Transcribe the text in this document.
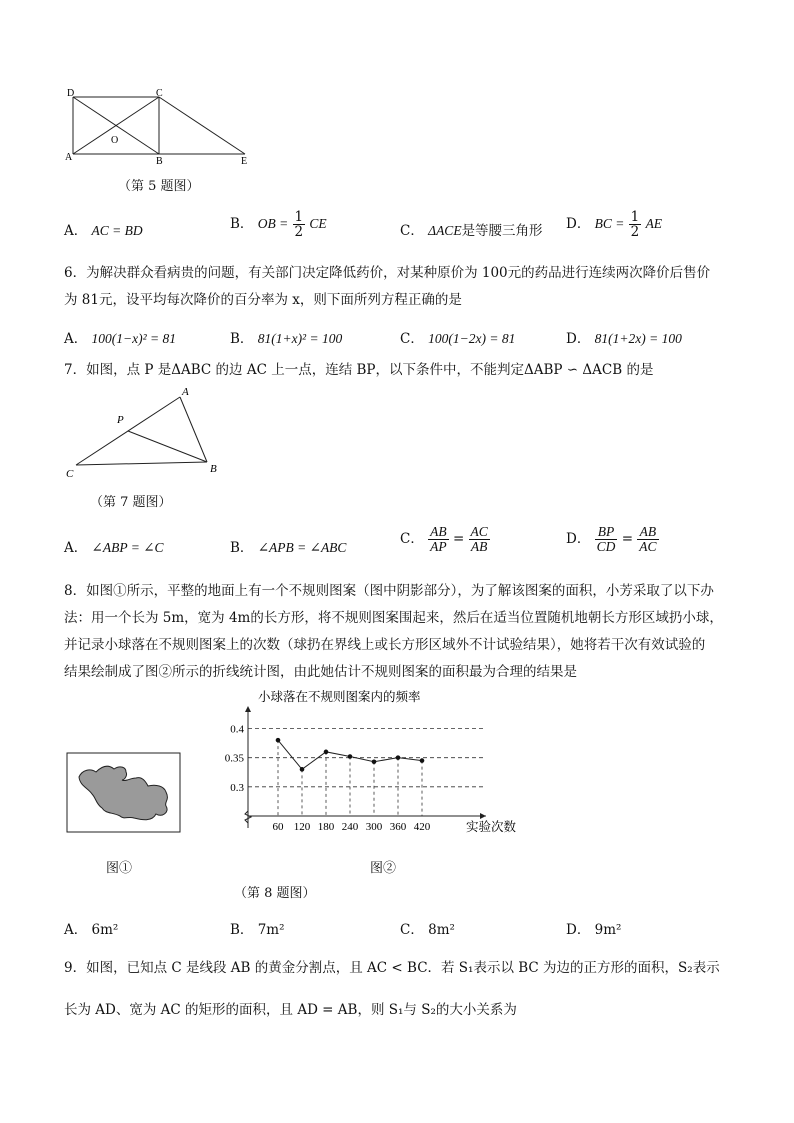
D	C
O
A	B	E
（第 5 题图）
A． AC = BD	B． OB = $\frac{1}{2}$ CE	C． ΔACE是等腰三角形 D． BC = $\frac{1}{2}$ AE
6．为解决群众看病贵的问题，有关部门决定降低药价，对某种原价为 100元的药品进行连续两次降价后售价
为 81元，设平均每次降价的百分率为 x，则下面所列方程正确的是
A． 100(1−x)² = 81	B． 81(1+x)² = 100	C． 100(1−2x) = 81	D． 81(1+2x) = 100
7．如图，点 P 是ΔABC 的边 AC 上一点，连结 BP，以下条件中，不能判定ΔABP ∽ ΔACB 的是
A
P
C	B
（第 7 题图）
A． ∠ABP = ∠C	B． ∠APB = ∠ABC
C． $\frac{AB}{AP} = \frac{AC}{AB}$	D． $\frac{BP}{CD} = \frac{AB}{AC}$
8．如图①所示，平整的地面上有一个不规则图案（图中阴影部分），为了解该图案的面积，小芳采取了以下办
法：用一个长为 5m，宽为 4m的长方形，将不规则图案围起来，然后在适当位置随机地朝长方形区域扔小球，
并记录小球落在不规则图案上的次数（球扔在界线上或长方形区域外不计试验结果），她将若干次有效试验的
结果绘制成了图②所示的折线统计图，由此她估计不规则图案的面积最为合理的结果是
图①
小球落在不规则图案内的频率
0.3
0.35
0.4
60 120 180 240 300 360 420	实验次数
图②
（第 8 题图）
A． 6m²	B． 7m²	C． 8m²	D． 9m²
9．如图，已知点 C 是线段 AB 的黄金分割点，且 AC < BC．若 S₁表示以 BC 为边的正方形的面积，S₂表示
长为 AD、宽为 AC 的矩形的面积，且 AD = AB，则 S₁与 S₂的大小关系为
